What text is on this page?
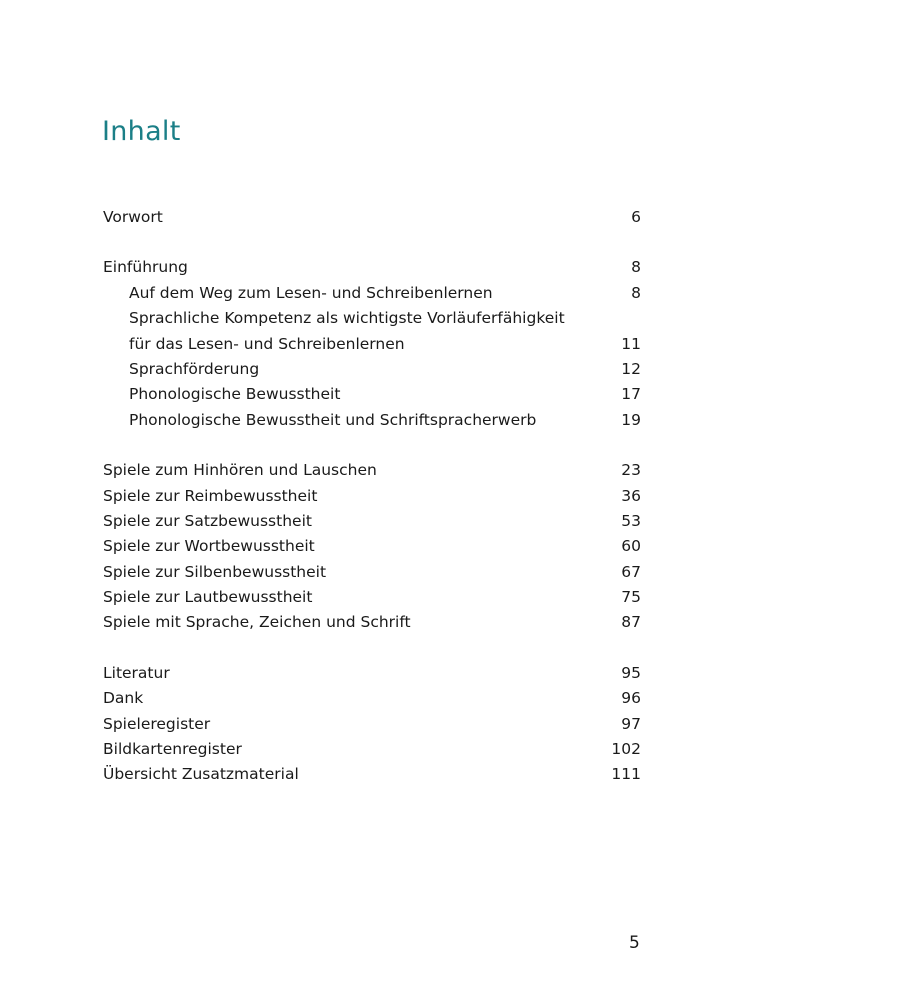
Inhalt
Vorwort	6
Einführung	8
Auf dem Weg zum Lesen- und Schreibenlernen	8
Sprachliche Kompetenz als wichtigste Vorläuferfähigkeit
für das Lesen- und Schreibenlernen	11
Sprachförderung	12
Phonologische Bewusstheit	17
Phonologische Bewusstheit und Schriftspracherwerb	19
Spiele zum Hinhören und Lauschen	23
Spiele zur Reimbewusstheit	36
Spiele zur Satzbewusstheit	53
Spiele zur Wortbewusstheit	60
Spiele zur Silbenbewusstheit	67
Spiele zur Lautbewusstheit	75
Spiele mit Sprache, Zeichen und Schrift	87
Literatur	95
Dank	96
Spieleregister	97
Bildkartenregister	102
Übersicht Zusatzmaterial	111
5
